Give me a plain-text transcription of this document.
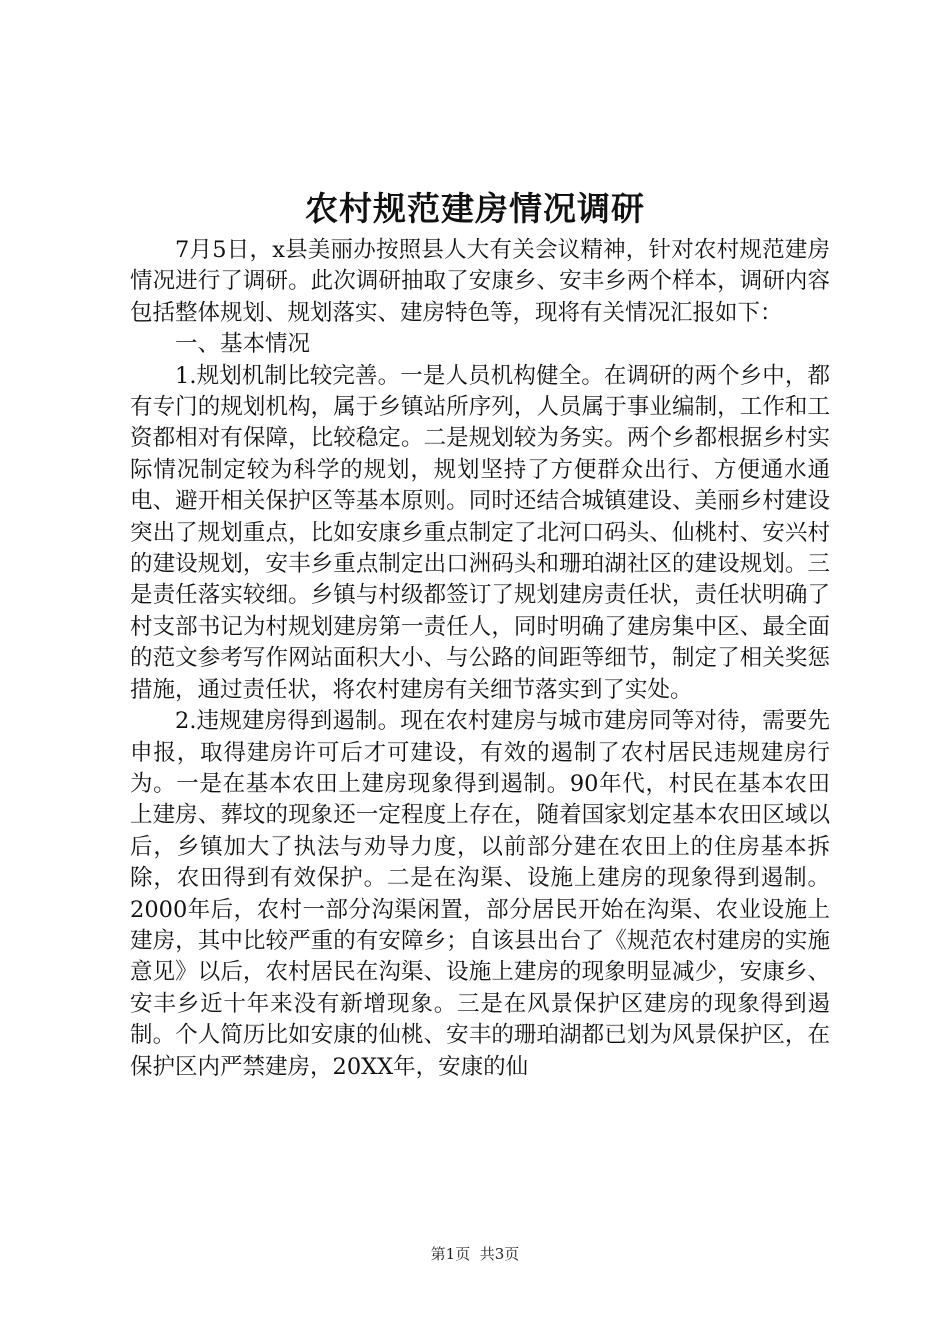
农村规范建房情况调研

7月5日，x县美丽办按照县人大有关会议精神，针对农村规范建房情况进行了调研。此次调研抽取了安康乡、安丰乡两个样本，调研内容包括整体规划、规划落实、建房特色等，现将有关情况汇报如下：

一、基本情况

1.规划机制比较完善。一是人员机构健全。在调研的两个乡中，都有专门的规划机构，属于乡镇站所序列，人员属于事业编制，工作和工资都相对有保障，比较稳定。二是规划较为务实。两个乡都根据乡村实际情况制定较为科学的规划，规划坚持了方便群众出行、方便通水通电、避开相关保护区等基本原则。同时还结合城镇建设、美丽乡村建设突出了规划重点，比如安康乡重点制定了北河口码头、仙桃村、安兴村的建设规划，安丰乡重点制定出口洲码头和珊珀湖社区的建设规划。三是责任落实较细。乡镇与村级都签订了规划建房责任状，责任状明确了村支部书记为村规划建房第一责任人，同时明确了建房集中区、最全面的范文参考写作网站面积大小、与公路的间距等细节，制定了相关奖惩措施，通过责任状，将农村建房有关细节落实到了实处。

2.违规建房得到遏制。现在农村建房与城市建房同等对待，需要先申报，取得建房许可后才可建设，有效的遏制了农村居民违规建房行为。一是在基本农田上建房现象得到遏制。90年代，村民在基本农田上建房、葬坟的现象还一定程度上存在，随着国家划定基本农田区域以后，乡镇加大了执法与劝导力度，以前部分建在农田上的住房基本拆除，农田得到有效保护。二是在沟渠、设施上建房的现象得到遏制。2000年后，农村一部分沟渠闲置，部分居民开始在沟渠、农业设施上建房，其中比较严重的有安障乡；自该县出台了《规范农村建房的实施意见》以后，农村居民在沟渠、设施上建房的现象明显减少，安康乡、安丰乡近十年来没有新增现象。三是在风景保护区建房的现象得到遏制。个人简历比如安康的仙桃、安丰的珊珀湖都已划为风景保护区，在保护区内严禁建房，20XX年，安康的仙

第1页 共3页
